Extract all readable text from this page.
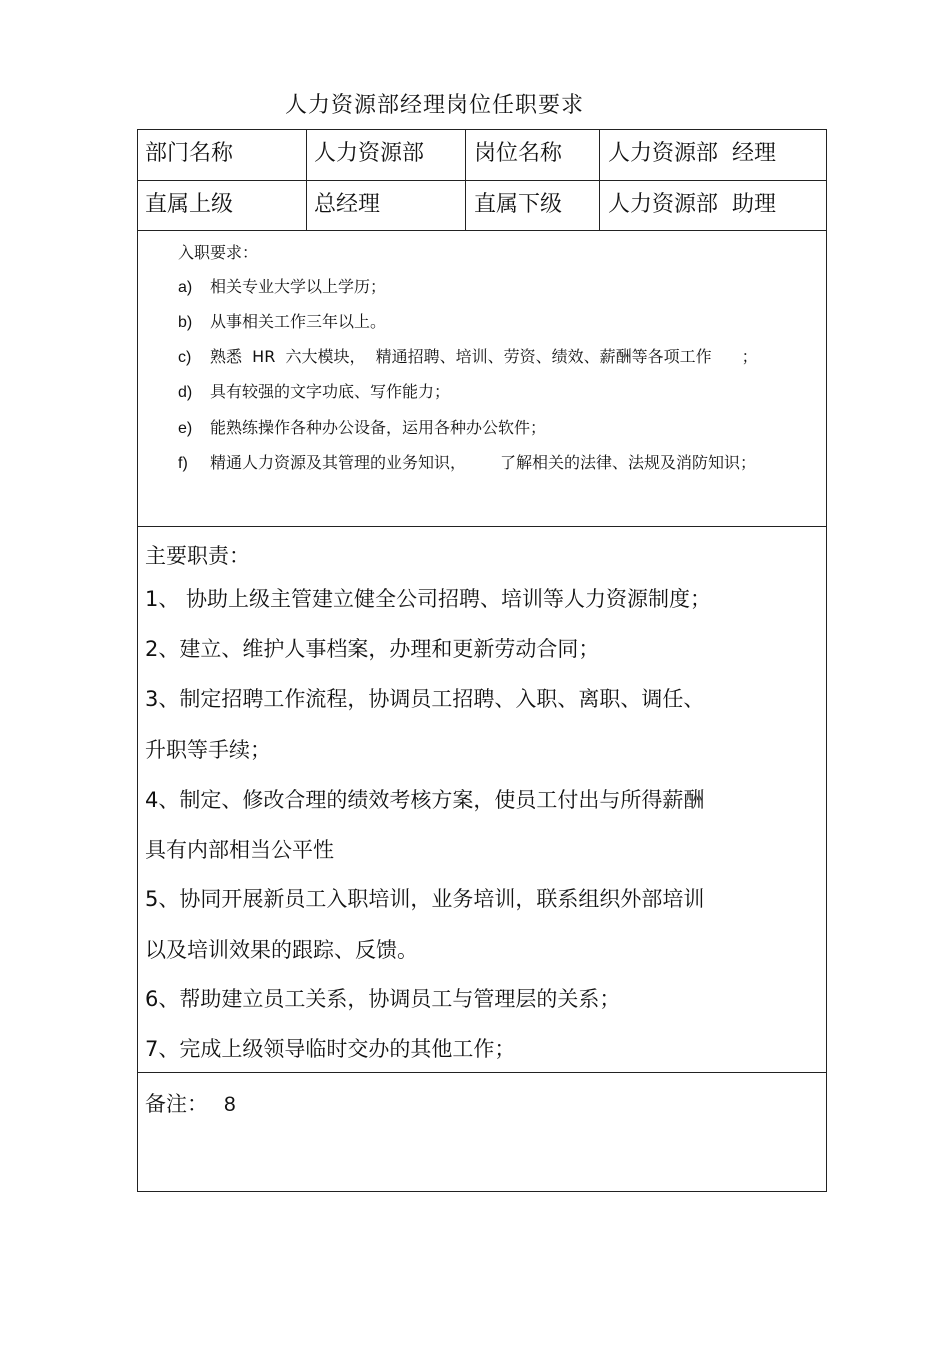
人力资源部经理岗位任职要求
部门名称	人力资源部 岗位名称 人力资源部  经理
直属上级	总经理	直属下级 人力资源部  助理
入职要求：
a) 相关专业大学以上学历；
b) 从事相关工作三年以上。
c) 熟悉  HR  六大模块，  精通招聘、培训、劳资、绩效、薪酬等各项工作 ；
d) 具有较强的文字功底、写作能力；
e) 能熟练操作各种办公设备，运用各种办公软件；
f) 精通人力资源及其管理的业务知识， 了解相关的法律、法规及消防知识；
主要职责：
1、 协助上级主管建立健全公司招聘、培训等人力资源制度；
2、建立、维护人事档案，办理和更新劳动合同；
3、制定招聘工作流程，协调员工招聘、入职、离职、调任、
升职等手续；
4、制定、修改合理的绩效考核方案，使员工付出与所得薪酬
具有内部相当公平性
5、协同开展新员工入职培训，业务培训，联系组织外部培训
以及培训效果的跟踪、反馈。
6、帮助建立员工关系，协调员工与管理层的关系；
7、完成上级领导临时交办的其他工作；
备注： 8
